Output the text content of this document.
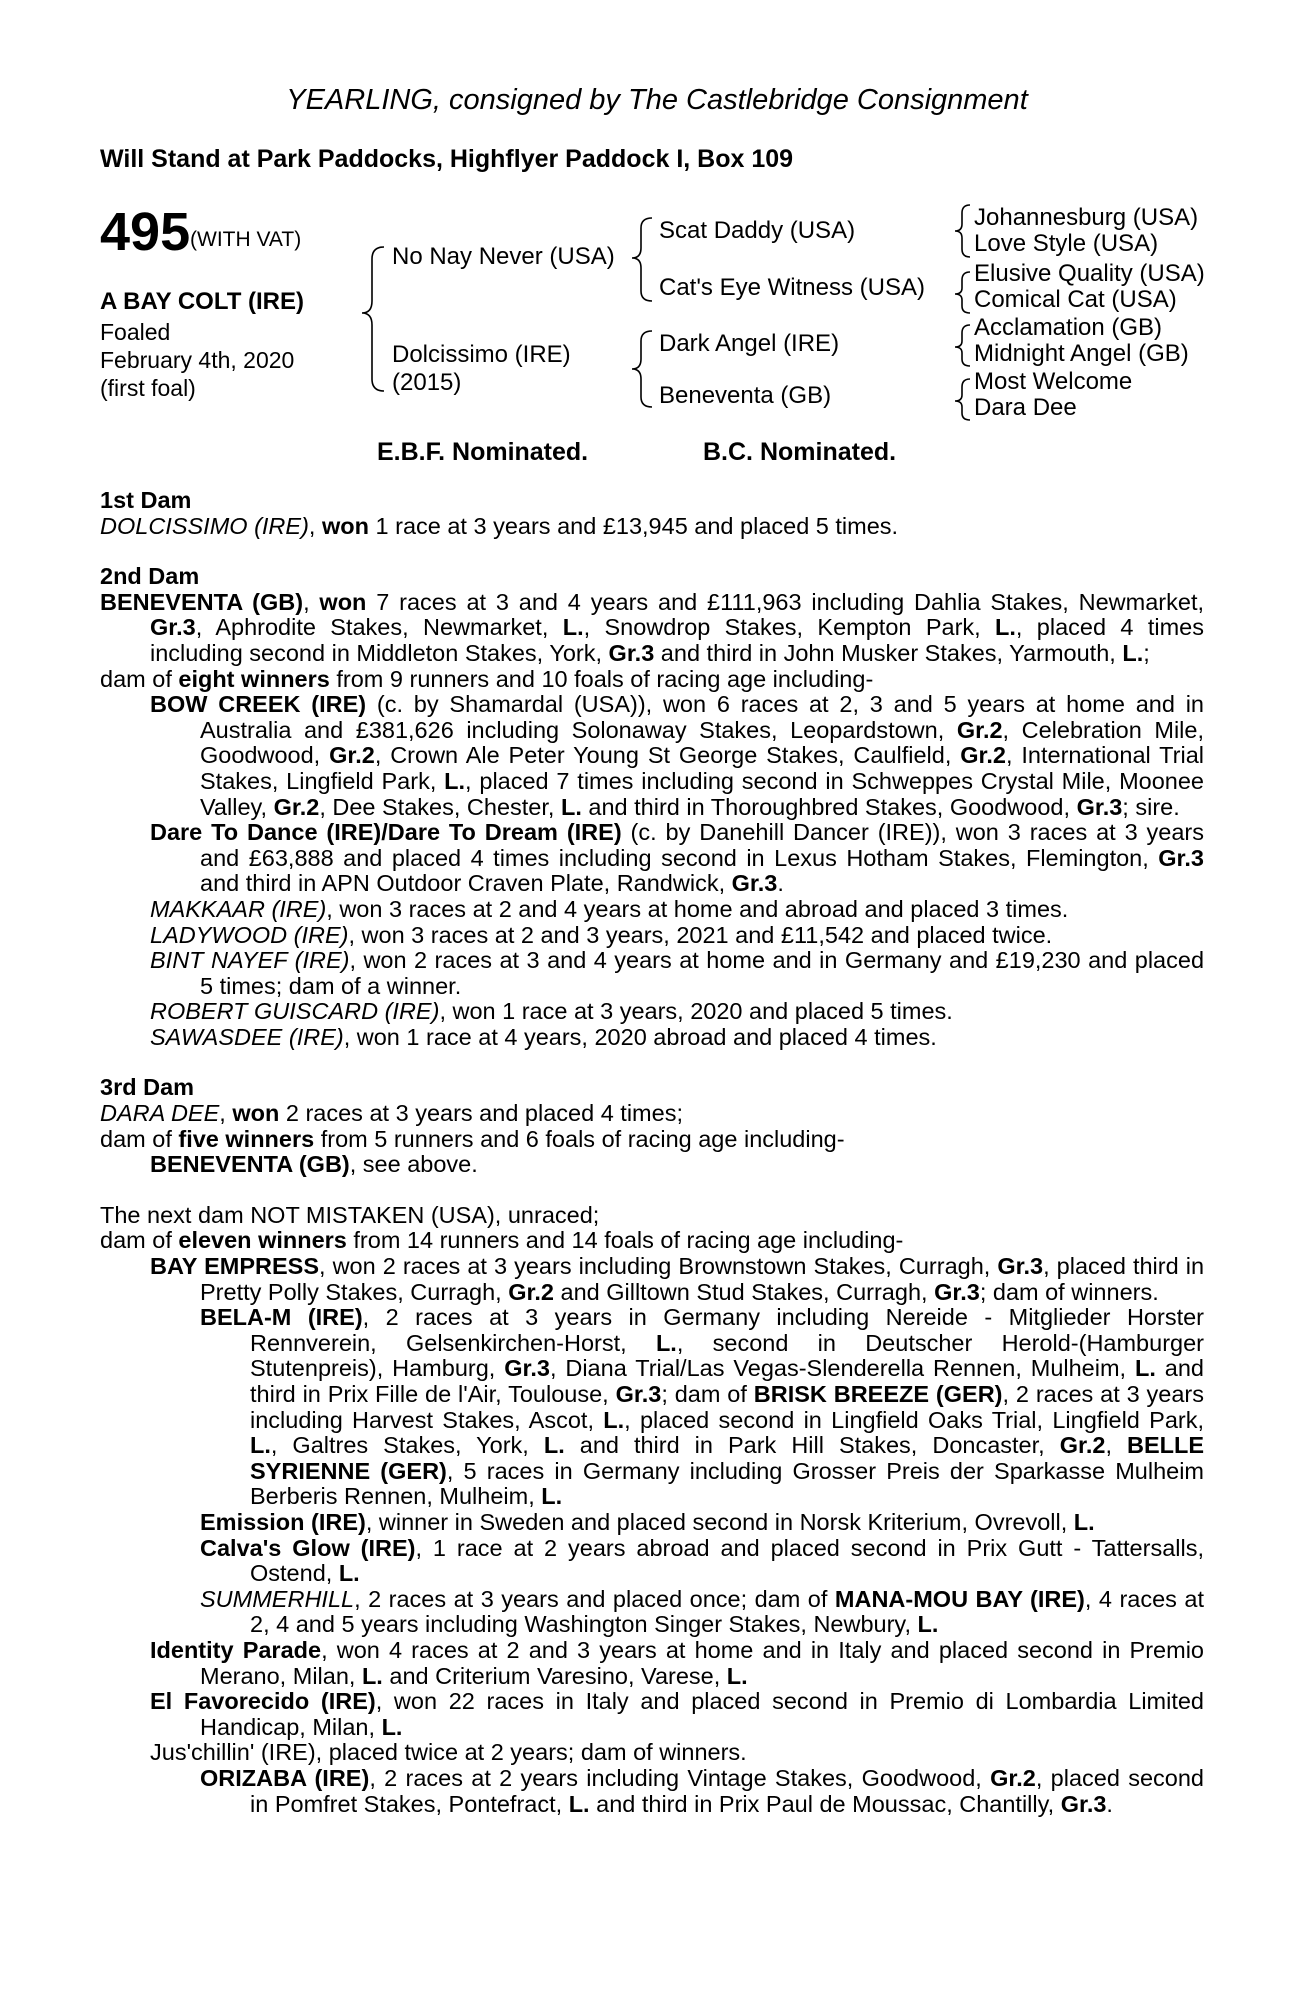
YEARLING, consigned by The Castlebridge Consignment
Will Stand at Park Paddocks, Highflyer Paddock I, Box 109
495 (WITH VAT)
A BAY COLT (IRE)
Foaled
February 4th, 2020
(first foal)
No Nay Never (USA)
Dolcissimo (IRE)
(2015)
Scat Daddy (USA)
Cat's Eye Witness (USA)
Dark Angel (IRE)
Beneventa (GB)
Johannesburg (USA)
Love Style (USA)
Elusive Quality (USA)
Comical Cat (USA)
Acclamation (GB)
Midnight Angel (GB)
Most Welcome
Dara Dee
E.B.F. Nominated.	B.C. Nominated.

1st Dam

DOLCISSIMO (IRE), won 1 race at 3 years and £13,945 and placed 5 times.

2nd Dam

BENEVENTA (GB), won 7 races at 3 and 4 years and £111,963 including Dahlia Stakes, Newmarket, Gr.3, Aphrodite Stakes, Newmarket, L., Snowdrop Stakes, Kempton Park, L., placed 4 times including second in Middleton Stakes, York, Gr.3 and third in John Musker Stakes, Yarmouth, L.;

dam of eight winners from 9 runners and 10 foals of racing age including-

BOW CREEK (IRE) (c. by Shamardal (USA)), won 6 races at 2, 3 and 5 years at home and in Australia and £381,626 including Solonaway Stakes, Leopardstown, Gr.2, Celebration Mile, Goodwood, Gr.2, Crown Ale Peter Young St George Stakes, Caulfield, Gr.2, International Trial Stakes, Lingfield Park, L., placed 7 times including second in Schweppes Crystal Mile, Moonee Valley, Gr.2, Dee Stakes, Chester, L. and third in Thoroughbred Stakes, Goodwood, Gr.3; sire.

Dare To Dance (IRE)/Dare To Dream (IRE) (c. by Danehill Dancer (IRE)), won 3 races at 3 years and £63,888 and placed 4 times including second in Lexus Hotham Stakes, Flemington, Gr.3 and third in APN Outdoor Craven Plate, Randwick, Gr.3.

MAKKAAR (IRE), won 3 races at 2 and 4 years at home and abroad and placed 3 times.

LADYWOOD (IRE), won 3 races at 2 and 3 years, 2021 and £11,542 and placed twice.

BINT NAYEF (IRE), won 2 races at 3 and 4 years at home and in Germany and £19,230 and placed 5 times; dam of a winner.

ROBERT GUISCARD (IRE), won 1 race at 3 years, 2020 and placed 5 times.

SAWASDEE (IRE), won 1 race at 4 years, 2020 abroad and placed 4 times.

3rd Dam

DARA DEE, won 2 races at 3 years and placed 4 times;

dam of five winners from 5 runners and 6 foals of racing age including-

BENEVENTA (GB), see above.

The next dam NOT MISTAKEN (USA), unraced;

dam of eleven winners from 14 runners and 14 foals of racing age including-

BAY EMPRESS, won 2 races at 3 years including Brownstown Stakes, Curragh, Gr.3, placed third in Pretty Polly Stakes, Curragh, Gr.2 and Gilltown Stud Stakes, Curragh, Gr.3; dam of winners.

BELA-M (IRE), 2 races at 3 years in Germany including Nereide - Mitglieder Horster Rennverein, Gelsenkirchen-Horst, L., second in Deutscher Herold-(Hamburger Stutenpreis), Hamburg, Gr.3, Diana Trial/Las Vegas-Slenderella Rennen, Mulheim, L. and third in Prix Fille de l'Air, Toulouse, Gr.3; dam of BRISK BREEZE (GER), 2 races at 3 years including Harvest Stakes, Ascot, L., placed second in Lingfield Oaks Trial, Lingfield Park, L., Galtres Stakes, York, L. and third in Park Hill Stakes, Doncaster, Gr.2, BELLE SYRIENNE (GER), 5 races in Germany including Grosser Preis der Sparkasse Mulheim Berberis Rennen, Mulheim, L.

Emission (IRE), winner in Sweden and placed second in Norsk Kriterium, Ovrevoll, L.

Calva's Glow (IRE), 1 race at 2 years abroad and placed second in Prix Gutt - Tattersalls, Ostend, L.

SUMMERHILL, 2 races at 3 years and placed once; dam of MANA-MOU BAY (IRE), 4 races at 2, 4 and 5 years including Washington Singer Stakes, Newbury, L.

Identity Parade, won 4 races at 2 and 3 years at home and in Italy and placed second in Premio Merano, Milan, L. and Criterium Varesino, Varese, L.

El Favorecido (IRE), won 22 races in Italy and placed second in Premio di Lombardia Limited Handicap, Milan, L.

Jus'chillin' (IRE), placed twice at 2 years; dam of winners.

ORIZABA (IRE), 2 races at 2 years including Vintage Stakes, Goodwood, Gr.2, placed second in Pomfret Stakes, Pontefract, L. and third in Prix Paul de Moussac, Chantilly, Gr.3.
